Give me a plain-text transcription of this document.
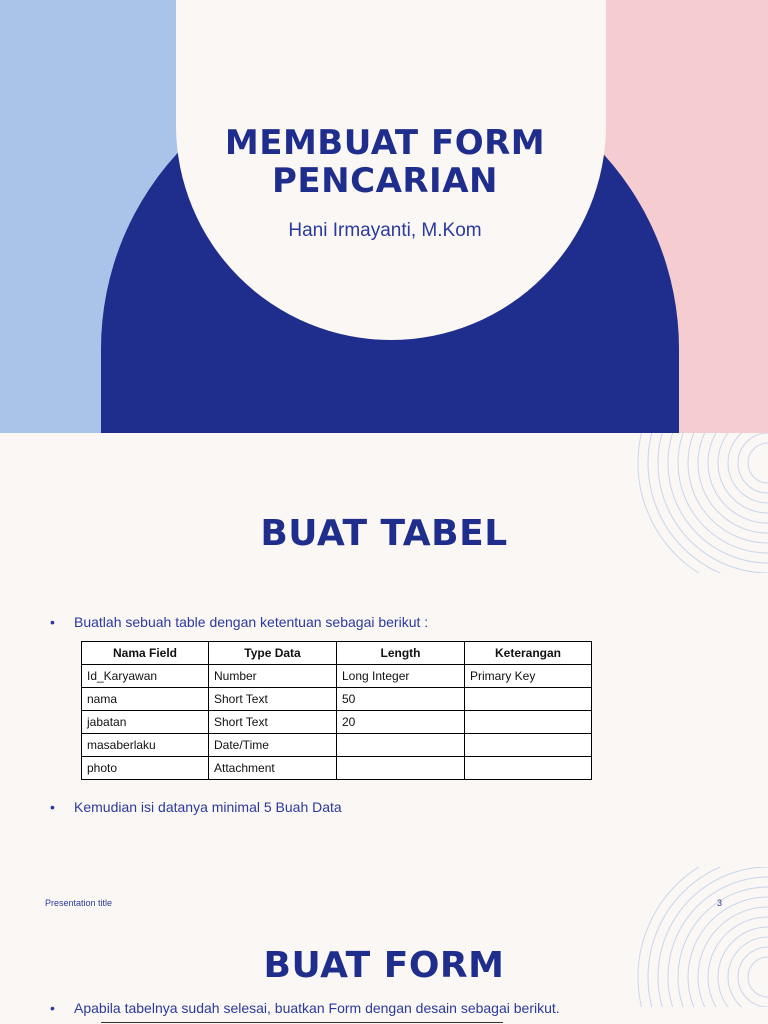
MEMBUAT FORM PENCARIAN
Hani Irmayanti, M.Kom
BUAT TABEL
• Buatlah sebuah table dengan ketentuan sebagai berikut :
Nama Field	Type Data	Length	Keterangan
Id_Karyawan	Number	Long Integer	Primary Key
nama	Short Text	50	
jabatan	Short Text	20	
masaberlaku	Date/Time		
photo	Attachment		
• Kemudian isi datanya minimal 5 Buah Data
Presentation title	3
BUAT FORM
• Apabila tabelnya sudah selesai, buatkan Form dengan desain sebagai berikut.
